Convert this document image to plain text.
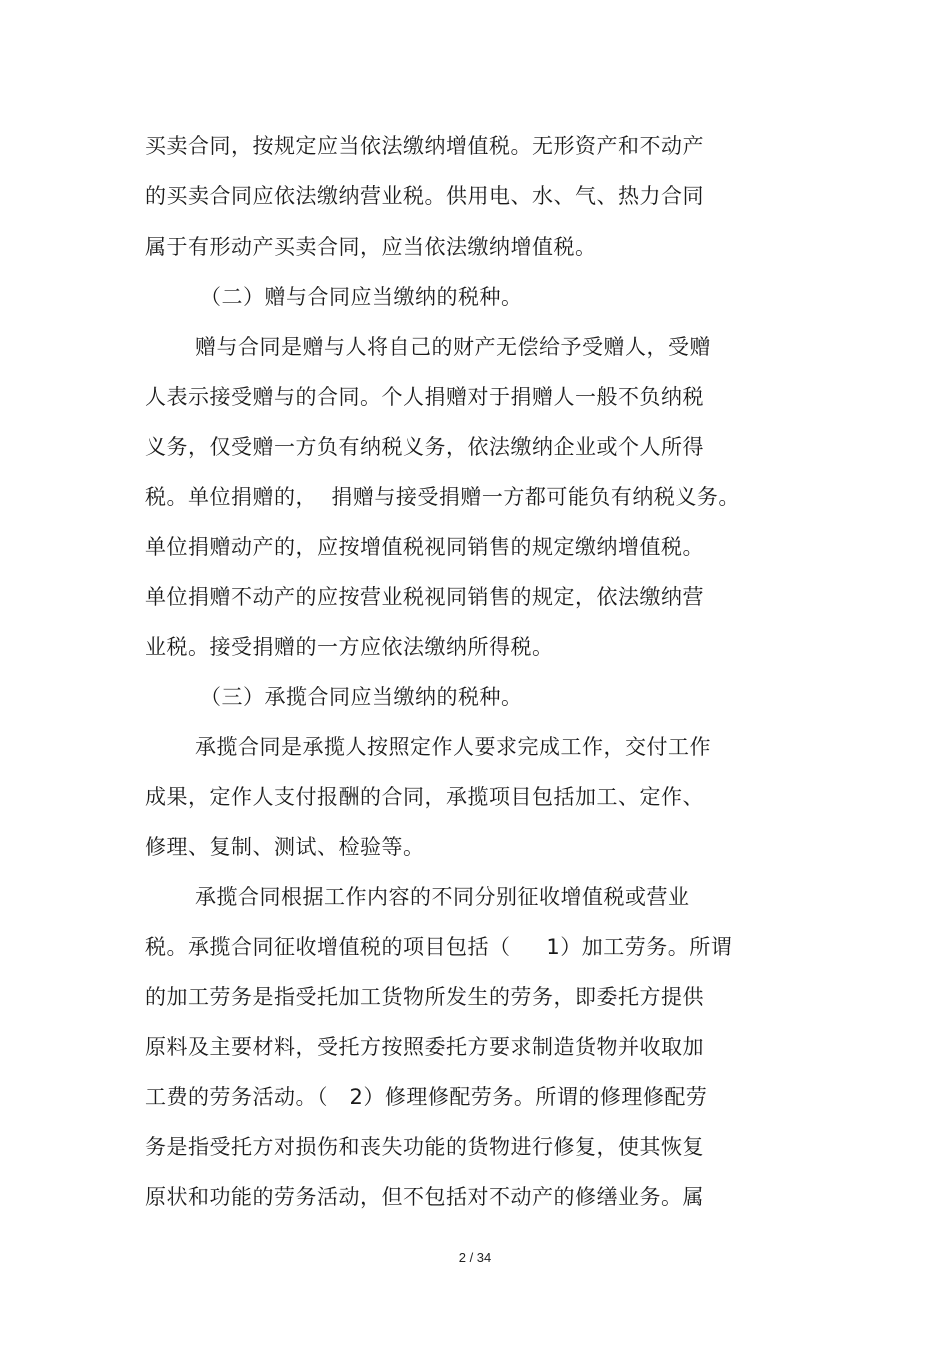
买卖合同，按规定应当依法缴纳增值税。无形资产和不动产
的买卖合同应依法缴纳营业税。供用电、水、气、热力合同
属于有形动产买卖合同，应当依法缴纳增值税。
（二）赠与合同应当缴纳的税种。
赠与合同是赠与人将自己的财产无偿给予受赠人，受赠
人表示接受赠与的合同。个人捐赠对于捐赠人一般不负纳税
义务，仅受赠一方负有纳税义务，依法缴纳企业或个人所得
税。单位捐赠的，  捐赠与接受捐赠一方都可能负有纳税义务。
单位捐赠动产的，应按增值税视同销售的规定缴纳增值税。
单位捐赠不动产的应按营业税视同销售的规定，依法缴纳营
业税。接受捐赠的一方应依法缴纳所得税。
（三）承揽合同应当缴纳的税种。
承揽合同是承揽人按照定作人要求完成工作，交付工作
成果，定作人支付报酬的合同，承揽项目包括加工、定作、
修理、复制、测试、检验等。
承揽合同根据工作内容的不同分别征收增值税或营业
税。承揽合同征收增值税的项目包括（     1）加工劳务。所谓
的加工劳务是指受托加工货物所发生的劳务，即委托方提供
原料及主要材料，受托方按照委托方要求制造货物并收取加
工费的劳务活动。（   2）修理修配劳务。所谓的修理修配劳
务是指受托方对损伤和丧失功能的货物进行修复，使其恢复
原状和功能的劳务活动，但不包括对不动产的修缮业务。属
2 / 34
